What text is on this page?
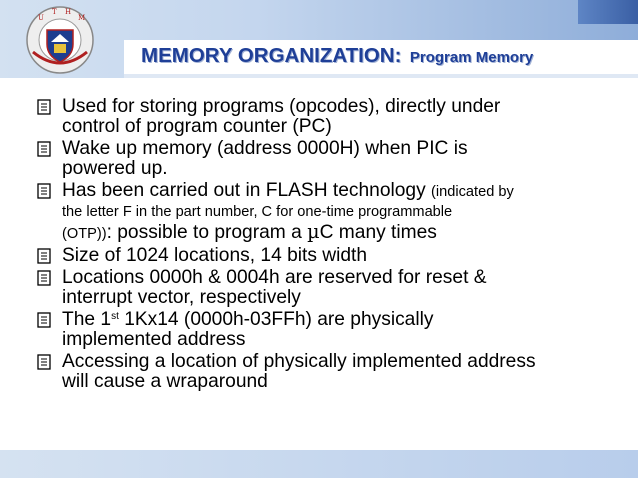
U
T H
M
MEMORY ORGANIZATION: Program Memory
Used for storing programs (opcodes), directly under
control of program counter (PC)
Wake up memory (address 0000H) when PIC is
powered up.
Has been carried out in FLASH technology (indicated by
the letter F in the part number, C for one-time programmable
(OTP)): possible to program a µC many times
Size of 1024 locations, 14 bits width
Locations 0000h & 0004h are reserved for reset &
interrupt vector, respectively
The 1st 1Kx14 (0000h-03FFh) are physically
implemented address
Accessing a location of physically implemented address
will cause a wraparound
